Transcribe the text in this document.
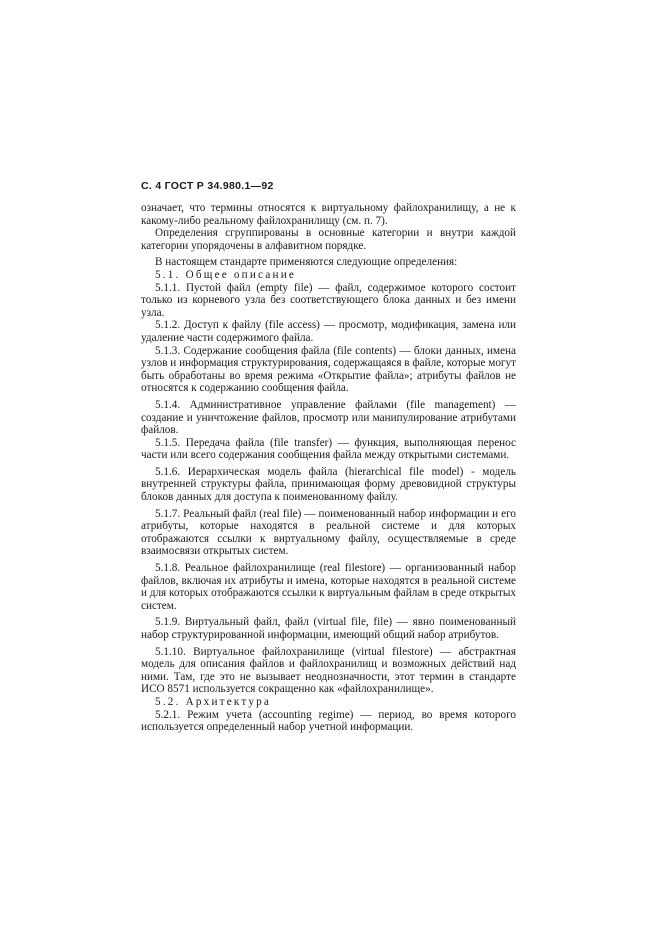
С. 4 ГОСТ Р 34.980.1—92

означает, что термины относятся к виртуальному файлохранилищу, а не к какому-либо реальному файлохранилищу (см. п. 7).

Определения сгруппированы в основные категории и внутри каждой категории упорядочены в алфавитном порядке.

В настоящем стандарте применяются следующие определения:

5.1. Общее описание

5.1.1. Пустой файл (empty file) — файл, содержимое которого состоит только из корневого узла без соответствующего блока данных и без имени узла.

5.1.2. Доступ к файлу (file access) — просмотр, модификация, замена или удаление части содержимого файла.

5.1.3. Содержание сообщения файла (file contents) — блоки данных, имена узлов и информация структурирования, содержащаяся в файле, которые могут быть обработаны во время режима «Открытие файла»; атрибуты файлов не относятся к содержанию сообщения файла.

5.1.4. Административное управление файлами (file management) — создание и уничтожение файлов, просмотр или манипулирование атрибутами файлов.

5.1.5. Передача файла (file transfer) — функция, выполняющая перенос части или всего содержания сообщения файла между открытыми системами.

5.1.6. Иерархическая модель файла (hierarchical file model) - модель внутренней структуры файла, принимающая форму древовидной структуры блоков данных для доступа к поименованному файлу.

5.1.7. Реальный файл (real file) — поименованный набор информации и его атрибуты, которые находятся в реальной системе и для которых отображаются ссылки к виртуальному файлу, осуществляемые в среде взаимосвязи открытых систем.

5.1.8. Реальное файлохранилище (real filestore) — организованный набор файлов, включая их атрибуты и имена, которые находятся в реальной системе и для которых отображаются ссылки к виртуальным файлам в среде открытых систем.

5.1.9. Виртуальный файл, файл (virtual file, file) — явно поименованный набор структурированной информации, имеющий общий набор атрибутов.

5.1.10. Виртуальное файлохранилище (virtual filestore) — абстрактная модель для описания файлов и файлохранилищ и возможных действий над ними. Там, где это не вызывает неоднозначности, этот термин в стандарте ИСО 8571 используется сокращенно как «файлохранилище».

5.2. Архитектура

5.2.1. Режим учета (accounting regime) — период, во время которого используется определенный набор учетной информации.
